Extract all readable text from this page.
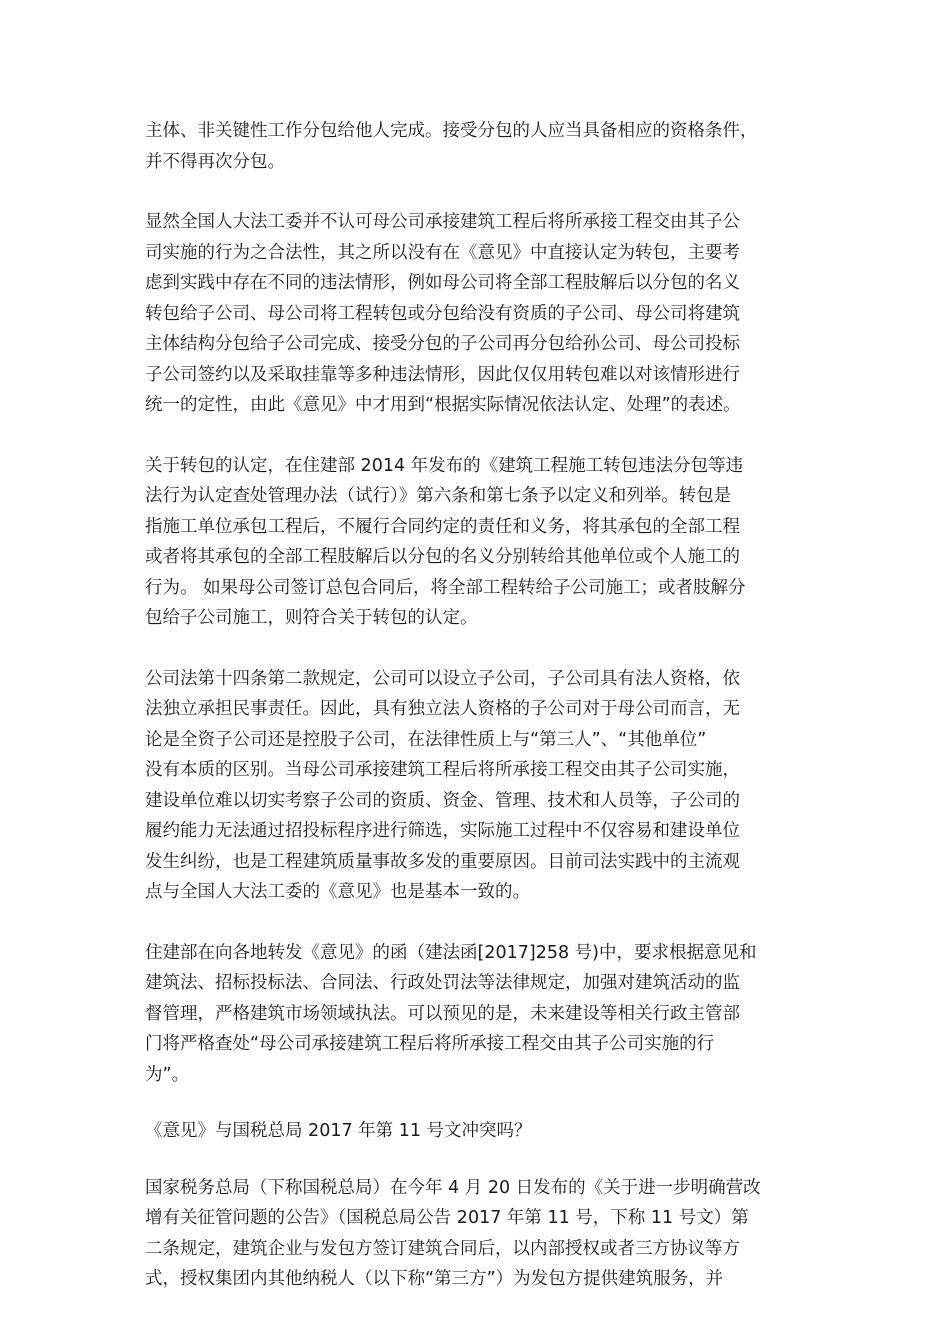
主体、非关键性工作分包给他人完成。接受分包的人应当具备相应的资格条件，
并不得再次分包。

显然全国人大法工委并不认可母公司承接建筑工程后将所承接工程交由其子公
司实施的行为之合法性，其之所以没有在《意见》中直接认定为转包，主要考
虑到实践中存在不同的违法情形，例如母公司将全部工程肢解后以分包的名义
转包给子公司、母公司将工程转包或分包给没有资质的子公司、母公司将建筑
主体结构分包给子公司完成、接受分包的子公司再分包给孙公司、母公司投标
子公司签约以及采取挂靠等多种违法情形，因此仅仅用转包难以对该情形进行
统一的定性，由此《意见》中才用到“根据实际情况依法认定、处理”的表述。

关于转包的认定，在住建部 2014 年发布的《建筑工程施工转包违法分包等违
法行为认定查处管理办法（试行）》第六条和第七条予以定义和列举。转包是
指施工单位承包工程后，不履行合同约定的责任和义务，将其承包的全部工程
或者将其承包的全部工程肢解后以分包的名义分别转给其他单位或个人施工的
行为。 如果母公司签订总包合同后，将全部工程转给子公司施工；或者肢解分
包给子公司施工，则符合关于转包的认定。

公司法第十四条第二款规定，公司可以设立子公司，子公司具有法人资格，依
法独立承担民事责任。因此，具有独立法人资格的子公司对于母公司而言，无
论是全资子公司还是控股子公司，在法律性质上与“第三人”、“其他单位”
没有本质的区别。当母公司承接建筑工程后将所承接工程交由其子公司实施，
建设单位难以切实考察子公司的资质、资金、管理、技术和人员等，子公司的
履约能力无法通过招投标程序进行筛选，实际施工过程中不仅容易和建设单位
发生纠纷，也是工程建筑质量事故多发的重要原因。目前司法实践中的主流观
点与全国人大法工委的《意见》也是基本一致的。

住建部在向各地转发《意见》的函（建法函[2017]258 号)中，要求根据意见和
建筑法、招标投标法、合同法、行政处罚法等法律规定，加强对建筑活动的监
督管理，严格建筑市场领域执法。可以预见的是，未来建设等相关行政主管部
门将严格查处“母公司承接建筑工程后将所承接工程交由其子公司实施的行
为”。

《意见》与国税总局 2017 年第 11 号文冲突吗？

国家税务总局（下称国税总局）在今年 4 月 20 日发布的《关于进一步明确营改
增有关征管问题的公告》（国税总局公告 2017 年第 11 号，下称 11 号文）第
二条规定，建筑企业与发包方签订建筑合同后，以内部授权或者三方协议等方
式，授权集团内其他纳税人（以下称“第三方”）为发包方提供建筑服务，并
